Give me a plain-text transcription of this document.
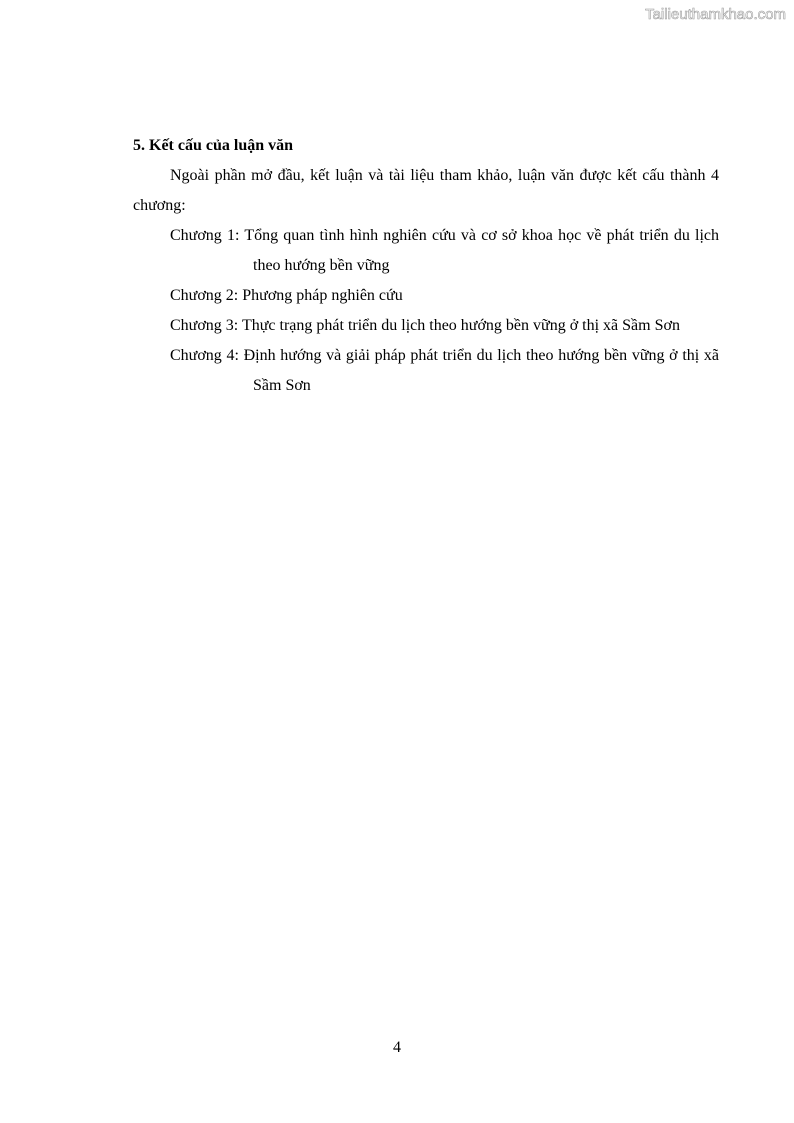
Tailieuthamkhao.com

5. Kết cấu của luận văn

Ngoài phần mở đầu, kết luận và tài liệu tham khảo, luận văn được kết cấu thành 4 chương:

Chương 1: Tổng quan tình hình nghiên cứu và cơ sở khoa học về phát triển du lịch theo hướng bền vững

Chương 2: Phương pháp nghiên cứu

Chương 3: Thực trạng phát triển du lịch theo hướng bền vững ở thị xã Sầm Sơn

Chương 4: Định hướng và giải pháp phát triển du lịch theo hướng bền vững ở thị xã Sầm Sơn

4
